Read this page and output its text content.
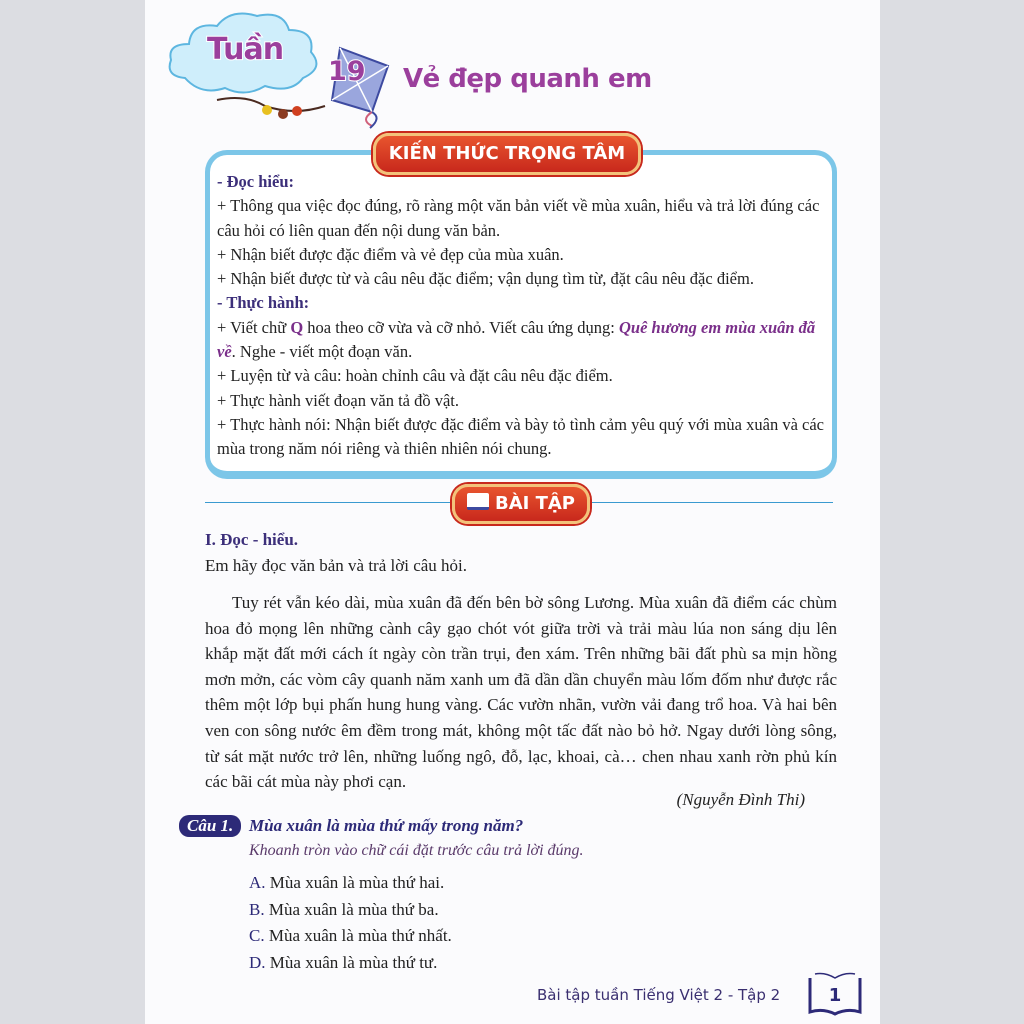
Tuần
19 Vẻ đẹp quanh em
KIẾN THỨC TRỌNG TÂM
- Đọc hiểu:
+ Thông qua việc đọc đúng, rõ ràng một văn bản viết về mùa xuân, hiểu và trả lời đúng các câu hỏi có liên quan đến nội dung văn bản.
+ Nhận biết được đặc điểm và vẻ đẹp của mùa xuân.
+ Nhận biết được từ và câu nêu đặc điểm; vận dụng tìm từ, đặt câu nêu đặc điểm.
- Thực hành:
+ Viết chữ Q hoa theo cỡ vừa và cỡ nhỏ. Viết câu ứng dụng: Quê hương em mùa xuân đã về. Nghe - viết một đoạn văn.
+ Luyện từ và câu: hoàn chỉnh câu và đặt câu nêu đặc điểm.
+ Thực hành viết đoạn văn tả đồ vật.
+ Thực hành nói: Nhận biết được đặc điểm và bày tỏ tình cảm yêu quý với mùa xuân và các mùa trong năm nói riêng và thiên nhiên nói chung.
BÀI TẬP
I. Đọc - hiểu.
Em hãy đọc văn bản và trả lời câu hỏi.
Tuy rét vẫn kéo dài, mùa xuân đã đến bên bờ sông Lương. Mùa xuân đã điểm các chùm hoa đỏ mọng lên những cành cây gạo chót vót giữa trời và trải màu lúa non sáng dịu lên khắp mặt đất mới cách ít ngày còn trần trụi, đen xám. Trên những bãi đất phù sa mịn hồng mơn mởn, các vòm cây quanh năm xanh um đã dần dần chuyển màu lốm đốm như được rắc thêm một lớp bụi phấn hung hung vàng. Các vườn nhãn, vườn vải đang trổ hoa. Và hai bên ven con sông nước êm đềm trong mát, không một tấc đất nào bỏ hở. Ngay dưới lòng sông, từ sát mặt nước trở lên, những luống ngô, đỗ, lạc, khoai, cà… chen nhau xanh rờn phủ kín các bãi cát mùa này phơi cạn.
(Nguyễn Đình Thi)
Câu 1. Mùa xuân là mùa thứ mấy trong năm?
Khoanh tròn vào chữ cái đặt trước câu trả lời đúng.
A. Mùa xuân là mùa thứ hai.
B. Mùa xuân là mùa thứ ba.
C. Mùa xuân là mùa thứ nhất.
D. Mùa xuân là mùa thứ tư.
Bài tập tuần Tiếng Việt 2 - Tập 2	1
